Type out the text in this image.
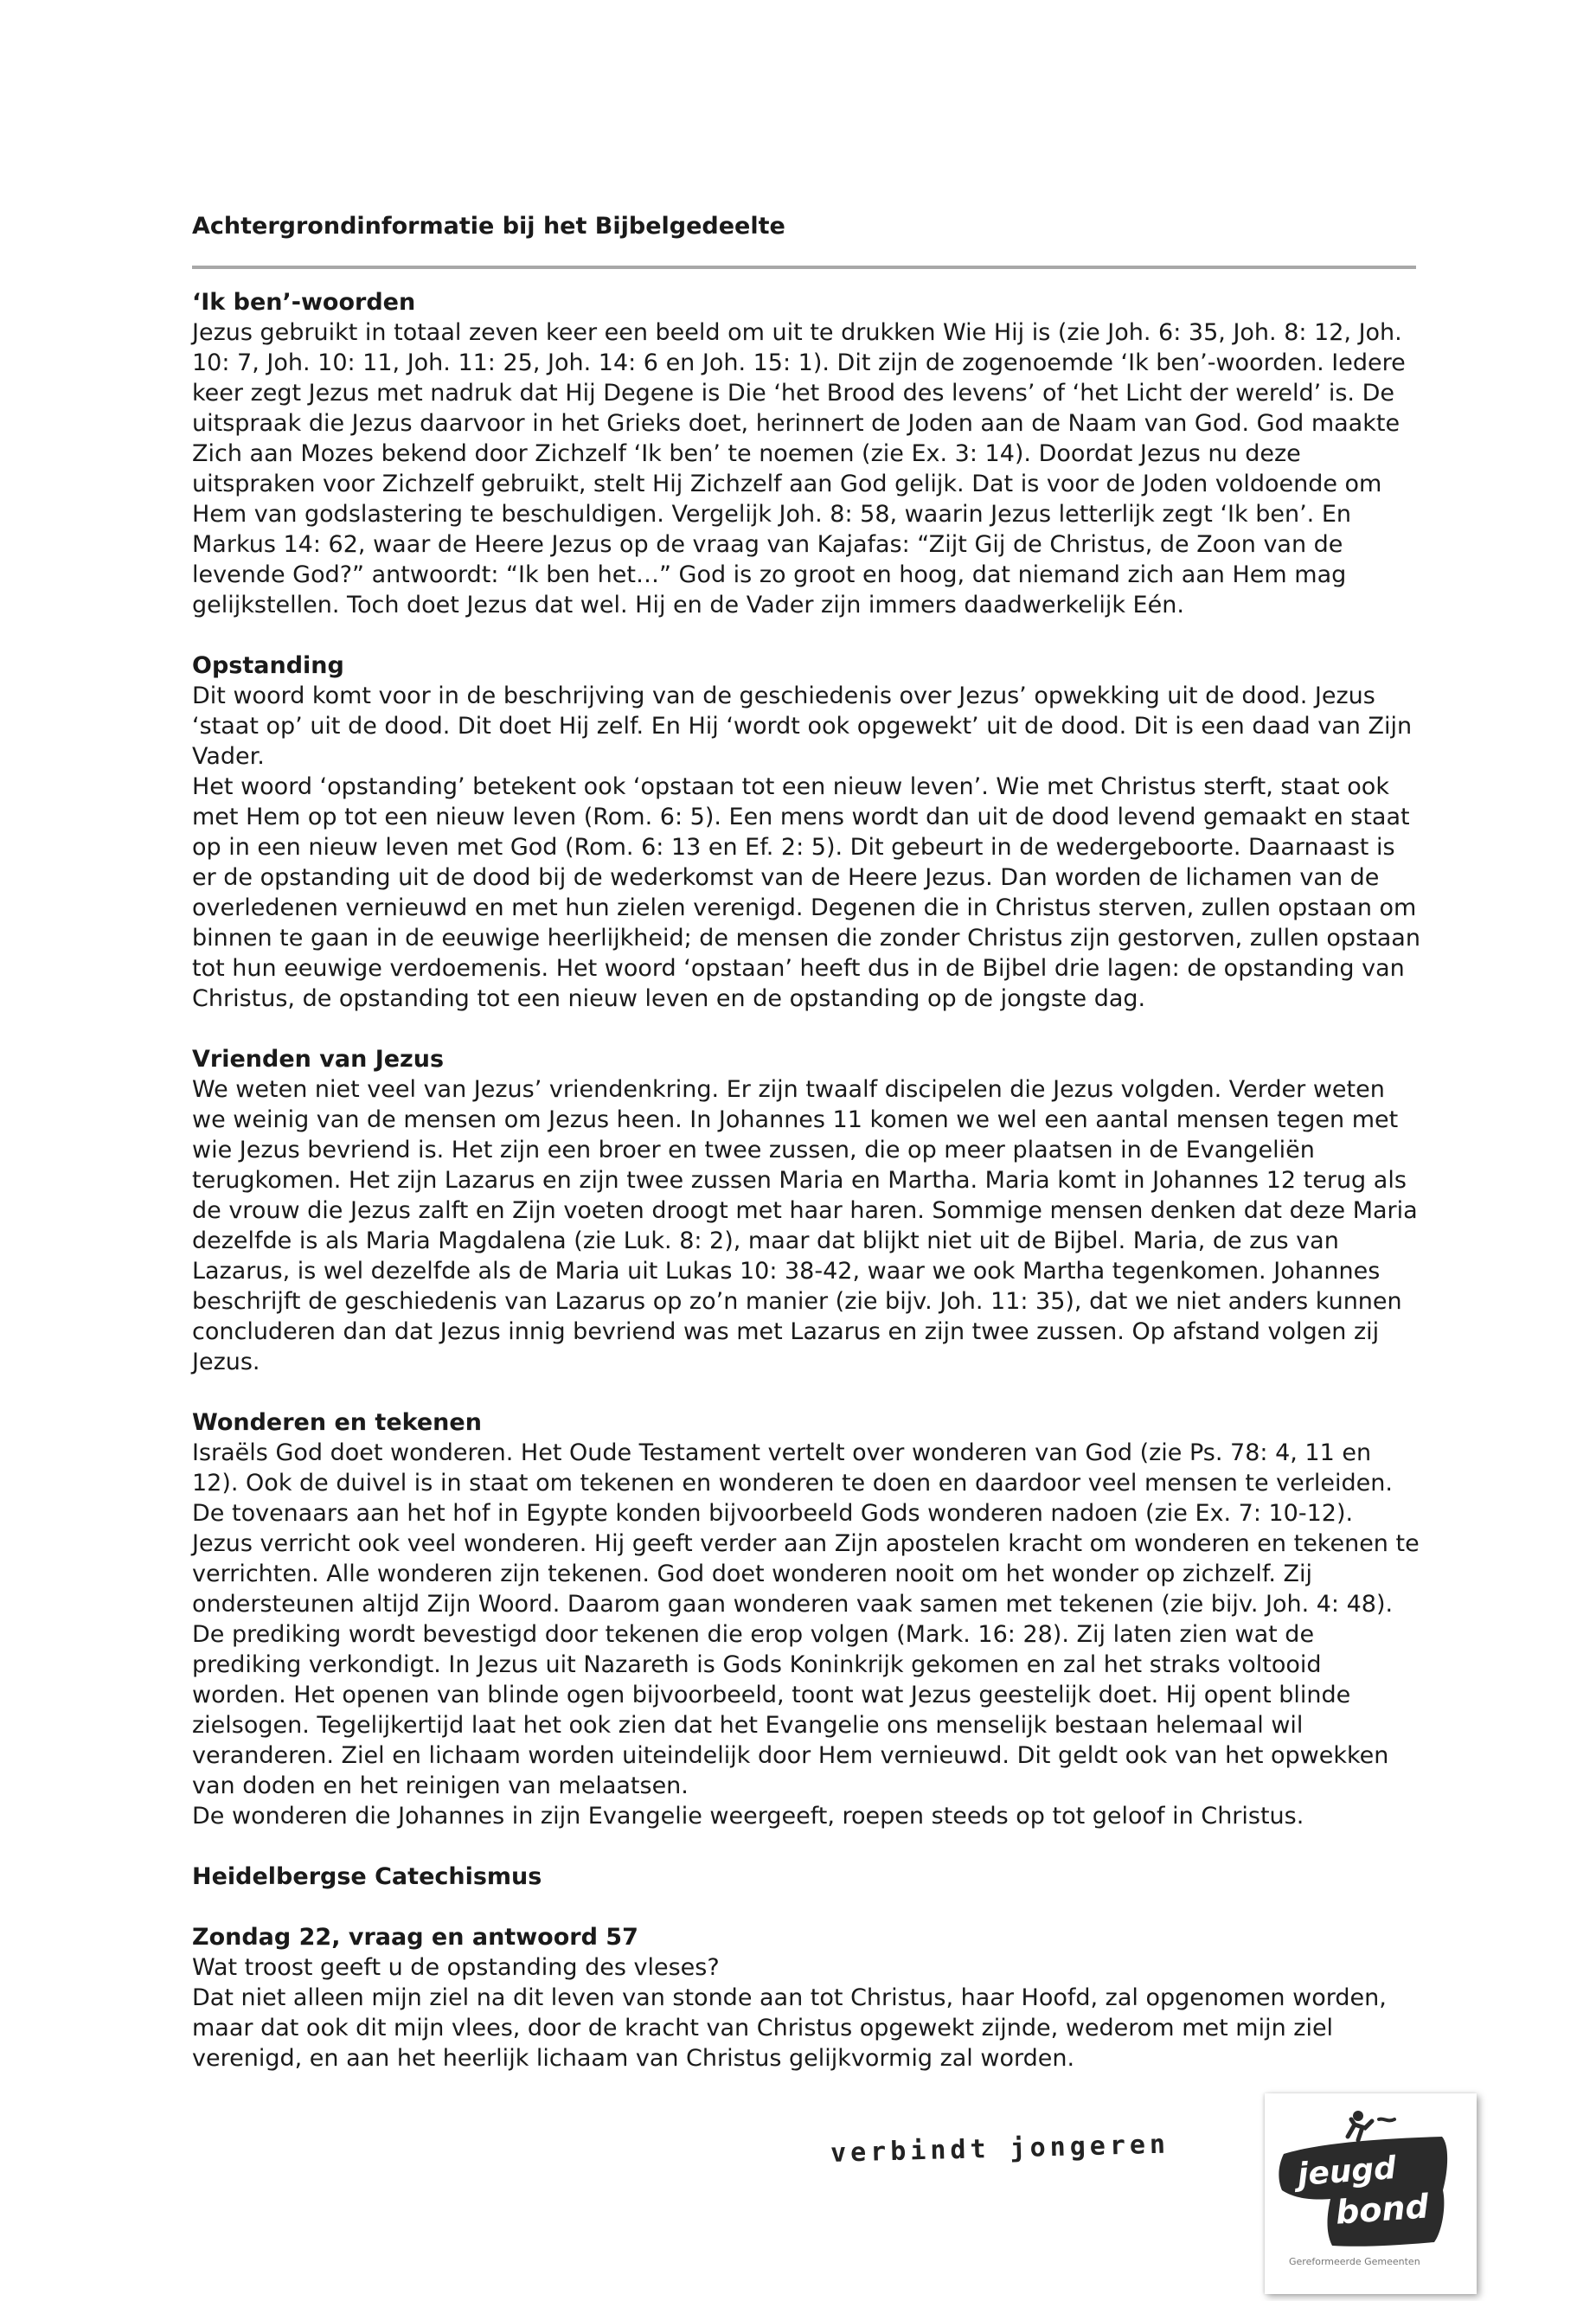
Achtergrondinformatie bij het Bijbelgedeelte

‘Ik ben’-woorden

Jezus gebruikt in totaal zeven keer een beeld om uit te drukken Wie Hij is (zie Joh. 6: 35, Joh. 8: 12, Joh. 10: 7, Joh. 10: 11, Joh. 11: 25, Joh. 14: 6 en Joh. 15: 1). Dit zijn de zogenoemde ‘Ik ben’-woorden. Iedere keer zegt Jezus met nadruk dat Hij Degene is Die ‘het Brood des levens’ of ‘het Licht der wereld’ is. De uitspraak die Jezus daarvoor in het Grieks doet, herinnert de Joden aan de Naam van God. God maakte Zich aan Mozes bekend door Zichzelf ‘Ik ben’ te noemen (zie Ex. 3: 14). Doordat Jezus nu deze uitspraken voor Zichzelf gebruikt, stelt Hij Zichzelf aan God gelijk. Dat is voor de Joden voldoende om Hem van godslastering te beschuldigen. Vergelijk Joh. 8: 58, waarin Jezus letterlijk zegt ‘Ik ben’. En Markus 14: 62, waar de Heere Jezus op de vraag van Kajafas: “Zijt Gij de Christus, de Zoon van de levende God?” antwoordt: “Ik ben het…” God is zo groot en hoog, dat niemand zich aan Hem mag gelijkstellen. Toch doet Jezus dat wel. Hij en de Vader zijn immers daadwerkelijk Eén.

Opstanding

Dit woord komt voor in de beschrijving van de geschiedenis over Jezus’ opwekking uit de dood. Jezus ‘staat op’ uit de dood. Dit doet Hij zelf. En Hij ‘wordt ook opgewekt’ uit de dood. Dit is een daad van Zijn Vader.

Het woord ‘opstanding’ betekent ook ‘opstaan tot een nieuw leven’. Wie met Christus sterft, staat ook met Hem op tot een nieuw leven (Rom. 6: 5). Een mens wordt dan uit de dood levend gemaakt en staat op in een nieuw leven met God (Rom. 6: 13 en Ef. 2: 5). Dit gebeurt in de wedergeboorte. Daarnaast is er de opstanding uit de dood bij de wederkomst van de Heere Jezus. Dan worden de lichamen van de overledenen vernieuwd en met hun zielen verenigd. Degenen die in Christus sterven, zullen opstaan om binnen te gaan in de eeuwige heerlijkheid; de mensen die zonder Christus zijn gestorven, zullen opstaan tot hun eeuwige verdoemenis. Het woord ‘opstaan’ heeft dus in de Bijbel drie lagen: de opstanding van Christus, de opstanding tot een nieuw leven en de opstanding op de jongste dag.

Vrienden van Jezus

We weten niet veel van Jezus’ vriendenkring. Er zijn twaalf discipelen die Jezus volgden. Verder weten we weinig van de mensen om Jezus heen. In Johannes 11 komen we wel een aantal mensen tegen met wie Jezus bevriend is. Het zijn een broer en twee zussen, die op meer plaatsen in de Evangeliën terugkomen. Het zijn Lazarus en zijn twee zussen Maria en Martha. Maria komt in Johannes 12 terug als de vrouw die Jezus zalft en Zijn voeten droogt met haar haren. Sommige mensen denken dat deze Maria dezelfde is als Maria Magdalena (zie Luk. 8: 2), maar dat blijkt niet uit de Bijbel. Maria, de zus van Lazarus, is wel dezelfde als de Maria uit Lukas 10: 38-42, waar we ook Martha tegenkomen. Johannes beschrijft de geschiedenis van Lazarus op zo’n manier (zie bijv. Joh. 11: 35), dat we niet anders kunnen concluderen dan dat Jezus innig bevriend was met Lazarus en zijn twee zussen. Op afstand volgen zij Jezus.

Wonderen en tekenen

Israëls God doet wonderen. Het Oude Testament vertelt over wonderen van God (zie Ps. 78: 4, 11 en 12). Ook de duivel is in staat om tekenen en wonderen te doen en daardoor veel mensen te verleiden. De tovenaars aan het hof in Egypte konden bijvoorbeeld Gods wonderen nadoen (zie Ex. 7: 10-12). Jezus verricht ook veel wonderen. Hij geeft verder aan Zijn apostelen kracht om wonderen en tekenen te verrichten. Alle wonderen zijn tekenen. God doet wonderen nooit om het wonder op zichzelf. Zij ondersteunen altijd Zijn Woord. Daarom gaan wonderen vaak samen met tekenen (zie bijv. Joh. 4: 48). De prediking wordt bevestigd door tekenen die erop volgen (Mark. 16: 28). Zij laten zien wat de prediking verkondigt. In Jezus uit Nazareth is Gods Koninkrijk gekomen en zal het straks voltooid worden. Het openen van blinde ogen bijvoorbeeld, toont wat Jezus geestelijk doet. Hij opent blinde zielsogen. Tegelijkertijd laat het ook zien dat het Evangelie ons menselijk bestaan helemaal wil veranderen. Ziel en lichaam worden uiteindelijk door Hem vernieuwd. Dit geldt ook van het opwekken van doden en het reinigen van melaatsen.

De wonderen die Johannes in zijn Evangelie weergeeft, roepen steeds op tot geloof in Christus.

Heidelbergse Catechismus

Zondag 22, vraag en antwoord 57

Wat troost geeft u de opstanding des vleses?

Dat niet alleen mijn ziel na dit leven van stonde aan tot Christus, haar Hoofd, zal opgenomen worden, maar dat ook dit mijn vlees, door de kracht van Christus opgewekt zijnde, wederom met mijn ziel verenigd, en aan het heerlijk lichaam van Christus gelijkvormig zal worden.

verbindt jongeren
jeugd
bond
Gereformeerde Gemeenten
